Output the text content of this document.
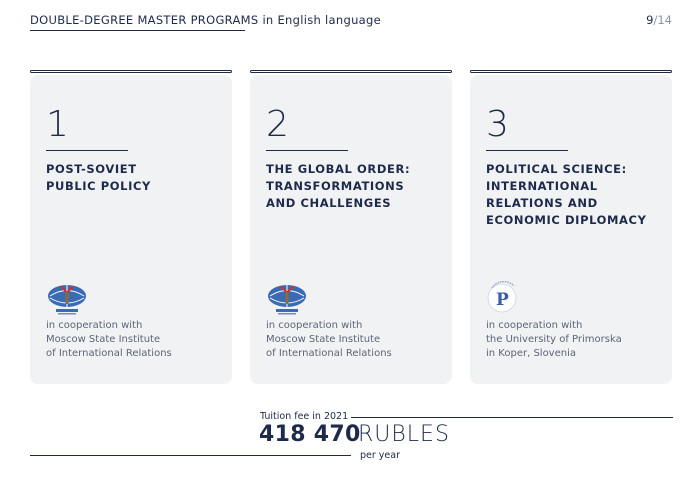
DOUBLE-DEGREE MASTER PROGRAMS in English language	9/14
1
POST-SOVIET
PUBLIC POLICY
in cooperation with
Moscow State Institute
of International Relations
2
THE GLOBAL ORDER:
TRANSFORMATIONS
AND CHALLENGES
in cooperation with
Moscow State Institute
of International Relations
3
POLITICAL SCIENCE:
INTERNATIONAL
RELATIONS AND
ECONOMIC DIPLOMACY
P
in cooperation with
the University of Primorska
in Koper, Slovenia
Tuition fee in 2021
418 470
RUBLES
per year
